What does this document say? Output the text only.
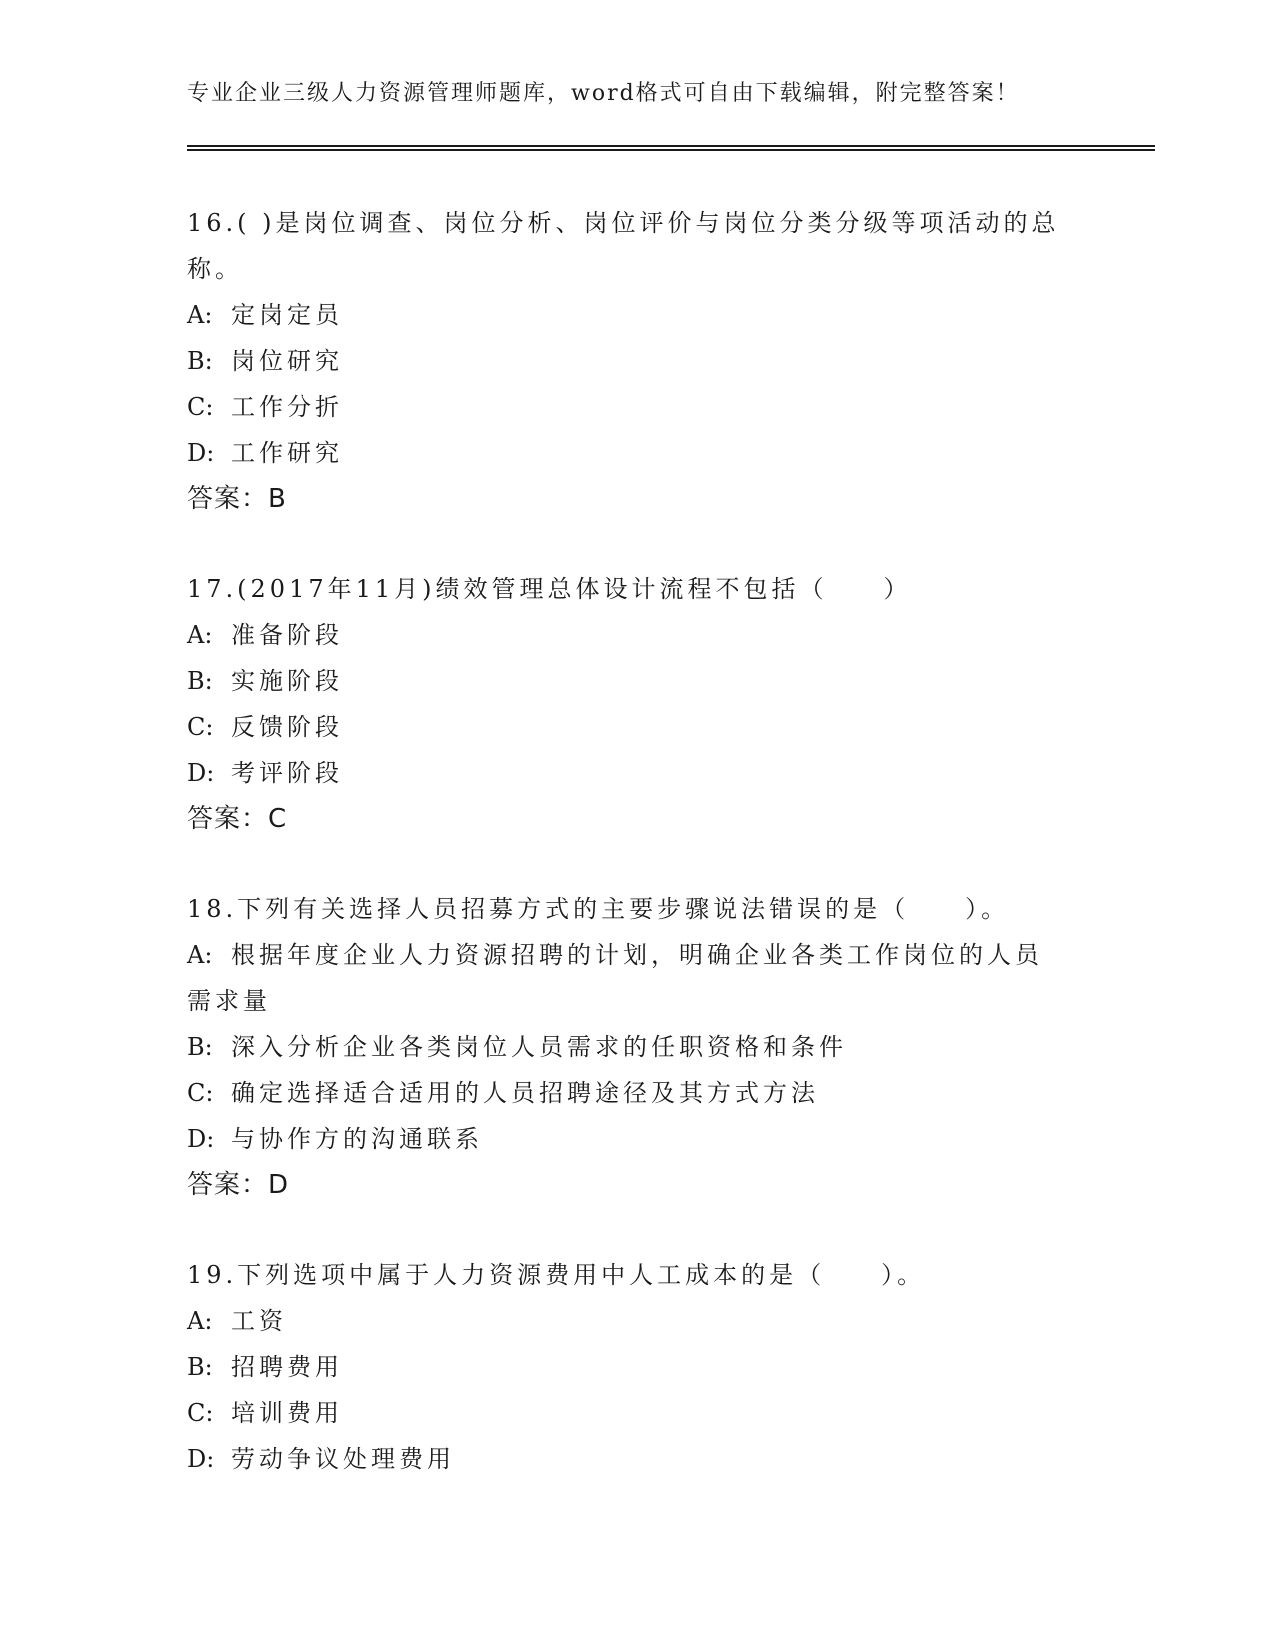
专业企业三级人力资源管理师题库，word格式可自由下载编辑，附完整答案！
16.( )是岗位调查、岗位分析、岗位评价与岗位分类分级等项活动的总称。
A: 定岗定员
B: 岗位研究
C: 工作分折
D: 工作研究
答案：B
17.(2017年11月)绩效管理总体设计流程不包括（　　）
A: 准备阶段
B: 实施阶段
C: 反馈阶段
D: 考评阶段
答案：C
18.下列有关选择人员招募方式的主要步骤说法错误的是（　　）。
A: 根据年度企业人力资源招聘的计划，明确企业各类工作岗位的人员需求量
B: 深入分析企业各类岗位人员需求的任职资格和条件
C: 确定选择适合适用的人员招聘途径及其方式方法
D: 与协作方的沟通联系
答案：D
19.下列选项中属于人力资源费用中人工成本的是（　　）。
A: 工资
B: 招聘费用
C: 培训费用
D: 劳动争议处理费用
